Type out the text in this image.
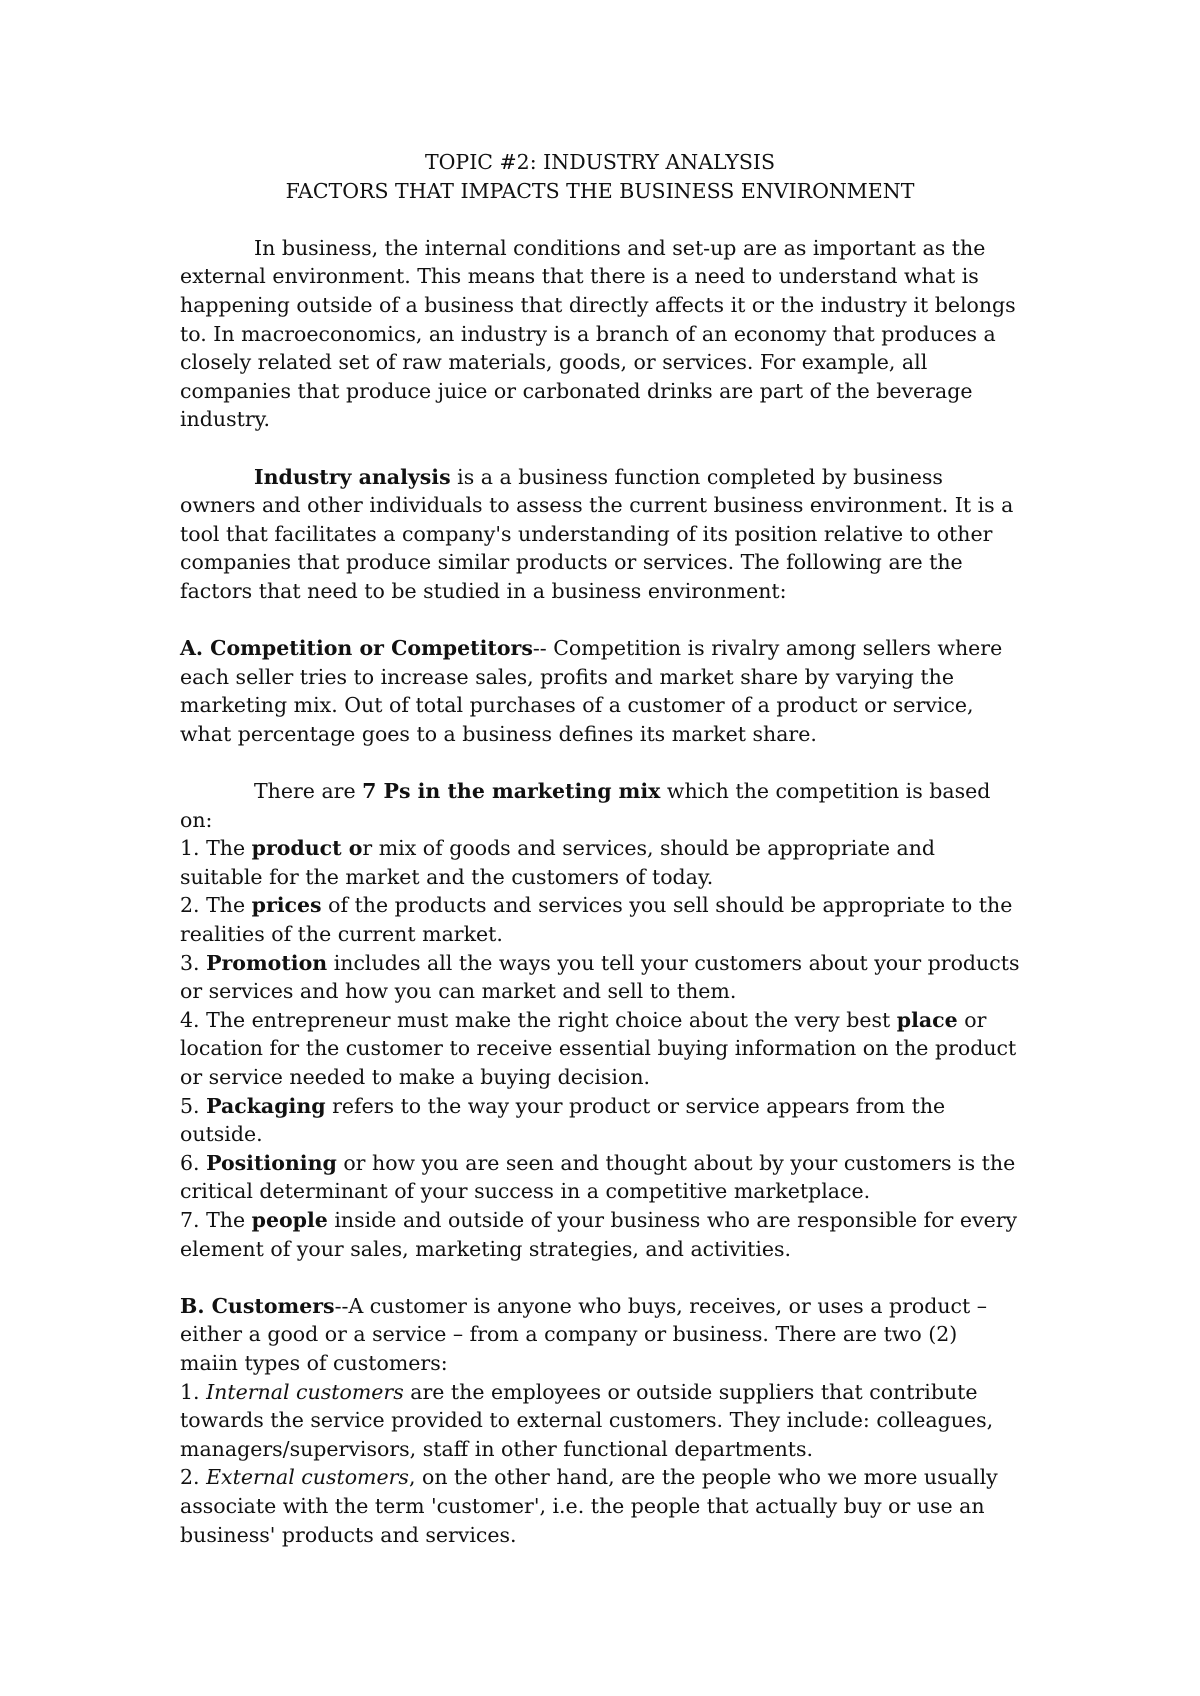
TOPIC #2: INDUSTRY ANALYSIS

FACTORS THAT IMPACTS THE BUSINESS ENVIRONMENT

In business, the internal conditions and set-up are as important as the external environment. This means that there is a need to understand what is happening outside of a business that directly affects it or the industry it belongs to. In macroeconomics, an industry is a branch of an economy that produces a closely related set of raw materials, goods, or services. For example, all companies that produce juice or carbonated drinks are part of the beverage industry.

Industry analysis is a a business function completed by business owners and other individuals to assess the current business environment. It is a tool that facilitates a company's understanding of its position relative to other companies that produce similar products or services. The following are the factors that need to be studied in a business environment:

A. Competition or Competitors-- Competition is rivalry among sellers where each seller tries to increase sales, profits and market share by varying the marketing mix. Out of total purchases of a customer of a product or service, what percentage goes to a business defines its market share.

There are 7 Ps in the marketing mix which the competition is based on:

1. The product or mix of goods and services, should be appropriate and suitable for the market and the customers of today.

2. The prices of the products and services you sell should be appropriate to the realities of the current market.

3. Promotion includes all the ways you tell your customers about your products or services and how you can market and sell to them.

4. The entrepreneur must make the right choice about the very best place or location for the customer to receive essential buying information on the product or service needed to make a buying decision.

5. Packaging refers to the way your product or service appears from the outside.

6. Positioning or how you are seen and thought about by your customers is the critical determinant of your success in a competitive marketplace.

7. The people inside and outside of your business who are responsible for every element of your sales, marketing strategies, and activities.

B. Customers--A customer is anyone who buys, receives, or uses a product – either a good or a service – from a company or business. There are two (2) maiin types of customers:

1. Internal customers are the employees or outside suppliers that contribute towards the service provided to external customers. They include: colleagues, managers/supervisors, staff in other functional departments.

2. External customers, on the other hand, are the people who we more usually associate with the term 'customer', i.e. the people that actually buy or use an business' products and services.
